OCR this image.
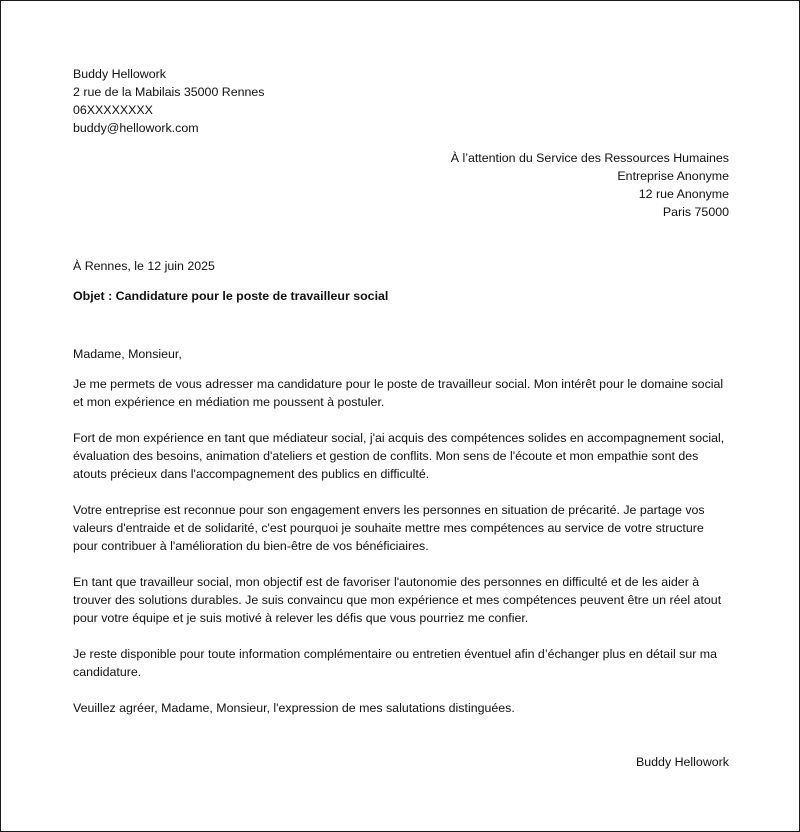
Buddy Hellowork

2 rue de la Mabilais 35000 Rennes

06XXXXXXXX

buddy@hellowork.com

À l’attention du Service des Ressources Humaines

Entreprise Anonyme

12 rue Anonyme

Paris 75000

À Rennes, le 12 juin 2025

Objet : Candidature pour le poste de travailleur social

Madame, Monsieur,

Je me permets de vous adresser ma candidature pour le poste de travailleur social. Mon intérêt pour le domaine social et mon expérience en médiation me poussent à postuler.

Fort de mon expérience en tant que médiateur social, j'ai acquis des compétences solides en accompagnement social, évaluation des besoins, animation d'ateliers et gestion de conflits. Mon sens de l'écoute et mon empathie sont des atouts précieux dans l'accompagnement des publics en difficulté.

Votre entreprise est reconnue pour son engagement envers les personnes en situation de précarité. Je partage vos valeurs d'entraide et de solidarité, c'est pourquoi je souhaite mettre mes compétences au service de votre structure pour contribuer à l'amélioration du bien-être de vos bénéficiaires.

En tant que travailleur social, mon objectif est de favoriser l'autonomie des personnes en difficulté et de les aider à trouver des solutions durables. Je suis convaincu que mon expérience et mes compétences peuvent être un réel atout pour votre équipe et je suis motivé à relever les défis que vous pourriez me confier.

Je reste disponible pour toute information complémentaire ou entretien éventuel afin d’échanger plus en détail sur ma candidature.

Veuillez agréer, Madame, Monsieur, l'expression de mes salutations distinguées.

Buddy Hellowork
